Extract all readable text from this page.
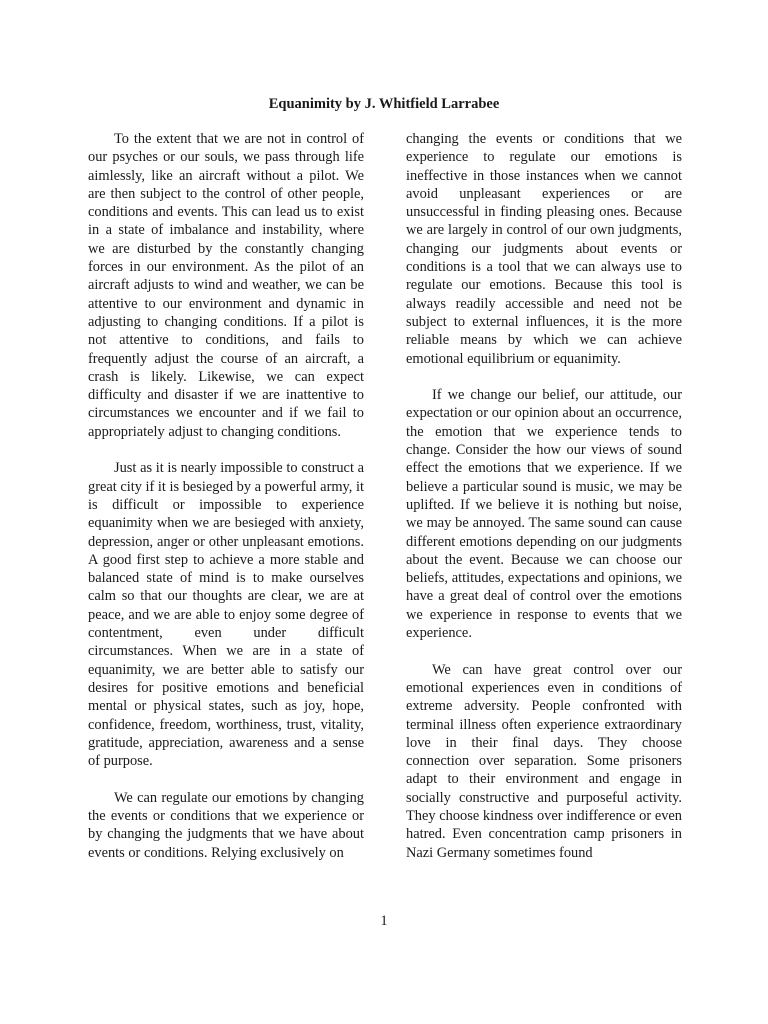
Equanimity by J. Whitfield Larrabee

To the extent that we are not in control of our psyches or our souls, we pass through life aimlessly, like an aircraft without a pilot. We are then subject to the control of other people, conditions and events. This can lead us to exist in a state of imbalance and instability, where we are disturbed by the constantly changing forces in our environment. As the pilot of an aircraft adjusts to wind and weather, we can be attentive to our environment and dynamic in adjusting to changing conditions. If a pilot is not attentive to conditions, and fails to frequently adjust the course of an aircraft, a crash is likely. Likewise, we can expect difficulty and disaster if we are inattentive to circumstances we encounter and if we fail to appropriately adjust to changing conditions.

Just as it is nearly impossible to construct a great city if it is besieged by a powerful army, it is difficult or impossible to experience equanimity when we are besieged with anxiety, depression, anger or other unpleasant emotions. A good first step to achieve a more stable and balanced state of mind is to make ourselves calm so that our thoughts are clear, we are at peace, and we are able to enjoy some degree of contentment, even under difficult circumstances. When we are in a state of equanimity, we are better able to satisfy our desires for positive emotions and beneficial mental or physical states, such as joy, hope, confidence, freedom, worthiness, trust, vitality, gratitude, appreciation, awareness and a sense of purpose.

We can regulate our emotions by changing the events or conditions that we experience or by changing the judgments that we have about events or conditions. Relying exclusively on

changing the events or conditions that we experience to regulate our emotions is ineffective in those instances when we cannot avoid unpleasant experiences or are unsuccessful in finding pleasing ones. Because we are largely in control of our own judgments, changing our judgments about events or conditions is a tool that we can always use to regulate our emotions. Because this tool is always readily accessible and need not be subject to external influences, it is the more reliable means by which we can achieve emotional equilibrium or equanimity.

If we change our belief, our attitude, our expectation or our opinion about an occurrence, the emotion that we experience tends to change. Consider the how our views of sound effect the emotions that we experience. If we believe a particular sound is music, we may be uplifted. If we believe it is nothing but noise, we may be annoyed. The same sound can cause different emotions depending on our judgments about the event. Because we can choose our beliefs, attitudes, expectations and opinions, we have a great deal of control over the emotions we experience in response to events that we experience.

We can have great control over our emotional experiences even in conditions of extreme adversity. People confronted with terminal illness often experience extraordinary love in their final days. They choose connection over separation. Some prisoners adapt to their environment and engage in socially constructive and purposeful activity. They choose kindness over indifference or even hatred. Even concentration camp prisoners in Nazi Germany sometimes found

1
